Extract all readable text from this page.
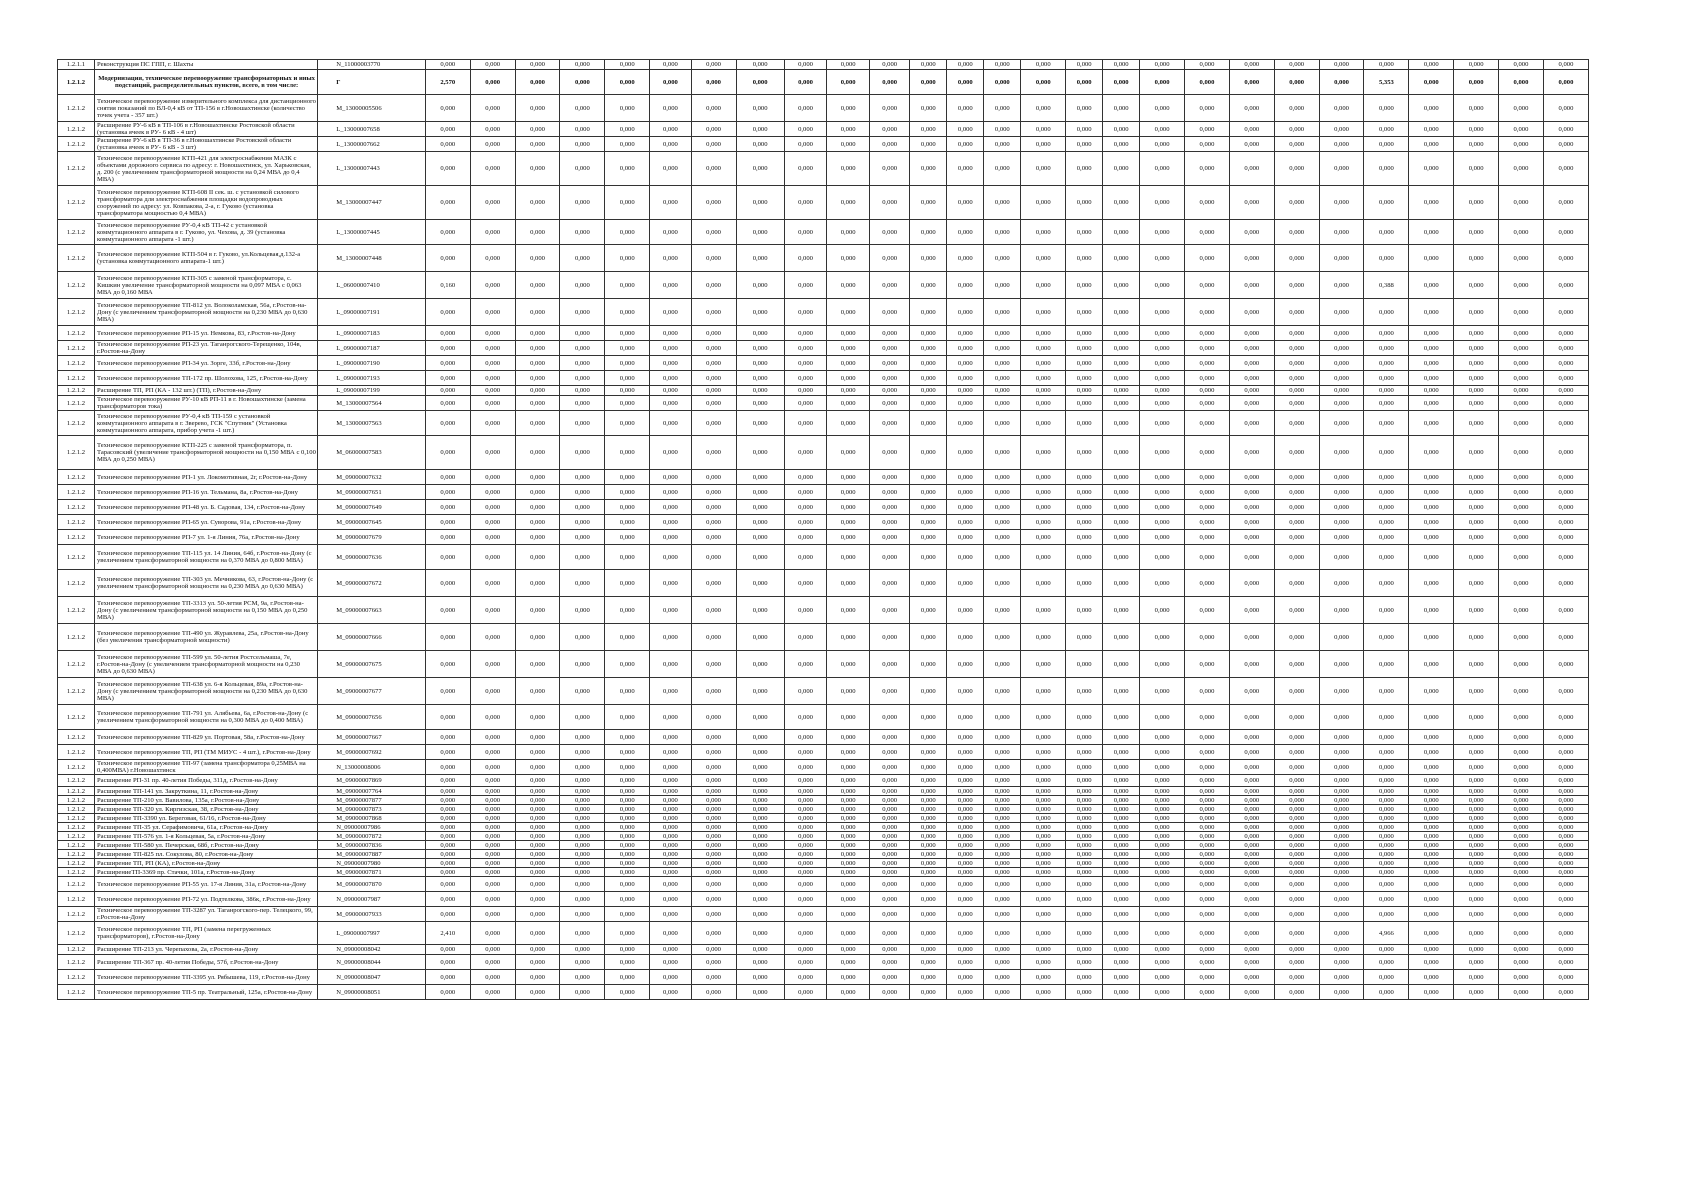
1.2.1.1	Реконструкция ПС ГПП, г. Шахты	N_11000003770	0,000	0,000	0,000	0,000	0,000	0,000	0,000	0,000	0,000	0,000	0,000	0,000	0,000	0,000	0,000	0,000	0,000	0,000	0,000	0,000	0,000	0,000	0,000	0,000	0,000	0,000	0,000
1.2.1.2	Модернизация, техническое перевооружение трансформаторных и иных подстанций, распределительных пунктов, всего, в том числе:	Г	2,570	0,000	0,000	0,000	0,000	0,000	0,000	0,000	0,000	0,000	0,000	0,000	0,000	0,000	0,000	0,000	0,000	0,000	0,000	0,000	0,000	0,000	5,353	0,000	0,000	0,000	0,000
1.2.1.2	Техническое перевооружение измерительного комплекса для дистанционного снятия показаний по ВЛ-0,4 кВ от ТП-156 в г.Новошахтинске (количество точек учета - 357 шт.)	M_13000005506	0,000	0,000	0,000	0,000	0,000	0,000	0,000	0,000	0,000	0,000	0,000	0,000	0,000	0,000	0,000	0,000	0,000	0,000	0,000	0,000	0,000	0,000	0,000	0,000	0,000	0,000	0,000
1.2.1.2	Расширение РУ-6 кВ в ТП-106 в г.Новошахтинске Ростовской области (установка ячеек в РУ- 6 кВ - 4 шт)	L_13000007658	0,000	0,000	0,000	0,000	0,000	0,000	0,000	0,000	0,000	0,000	0,000	0,000	0,000	0,000	0,000	0,000	0,000	0,000	0,000	0,000	0,000	0,000	0,000	0,000	0,000	0,000	0,000
1.2.1.2	Расширение РУ-6 кВ в ТП-36 в г.Новошахтинске Ростовской области (установка ячеек в РУ- 6 кВ - 3 шт)	L_13000007662	0,000	0,000	0,000	0,000	0,000	0,000	0,000	0,000	0,000	0,000	0,000	0,000	0,000	0,000	0,000	0,000	0,000	0,000	0,000	0,000	0,000	0,000	0,000	0,000	0,000	0,000	0,000
1.2.1.2	Техническое перевооружение КТП-421 для электроснабжения МАЗК с объектами дорожного сервиса по адресу: г. Новошахтинск, ул. Харьковская, д. 200 (с увеличением трансформаторной мощности на 0,24 МВА до 0,4 МВА)	L_13000007443	0,000	0,000	0,000	0,000	0,000	0,000	0,000	0,000	0,000	0,000	0,000	0,000	0,000	0,000	0,000	0,000	0,000	0,000	0,000	0,000	0,000	0,000	0,000	0,000	0,000	0,000	0,000
1.2.1.2	Техническое перевооружение КТП-608 II сек. ш. с установкой силового трансформатора для электроснабжения площадки водопроводных сооружений по адресу: ул. Ковпакова, 2-а, г. Гуково (установка трансформатора мощностью 0,4 МВА)	M_13000007447	0,000	0,000	0,000	0,000	0,000	0,000	0,000	0,000	0,000	0,000	0,000	0,000	0,000	0,000	0,000	0,000	0,000	0,000	0,000	0,000	0,000	0,000	0,000	0,000	0,000	0,000	0,000
1.2.1.2	Техническое перевооружение РУ-0,4 кВ ТП-42 с установкой коммутационного аппарата в г. Гуково, ул. Чехова, д. 39 (установка коммутационного аппарата -1 шт.)	L_13000007445	0,000	0,000	0,000	0,000	0,000	0,000	0,000	0,000	0,000	0,000	0,000	0,000	0,000	0,000	0,000	0,000	0,000	0,000	0,000	0,000	0,000	0,000	0,000	0,000	0,000	0,000	0,000
1.2.1.2	Техническое перевооружение КТП-504 в г. Гуково, ул.Кольцевая,д.132-а (установка коммутационного аппарата-1 шт.)	M_13000007448	0,000	0,000	0,000	0,000	0,000	0,000	0,000	0,000	0,000	0,000	0,000	0,000	0,000	0,000	0,000	0,000	0,000	0,000	0,000	0,000	0,000	0,000	0,000	0,000	0,000	0,000	0,000
1.2.1.2	Техническое перевооружение КТП-305 с заменой трансформатора, с. Кишкин увеличение трансформаторной мощности на 0,097 МВА с 0,063 МВА до 0,160 МВА	L_06000007410	0,160	0,000	0,000	0,000	0,000	0,000	0,000	0,000	0,000	0,000	0,000	0,000	0,000	0,000	0,000	0,000	0,000	0,000	0,000	0,000	0,000	0,000	0,388	0,000	0,000	0,000	0,000
1.2.1.2	Техническое перевооружение ТП-812 ул. Волоколамская, 56а, г.Ростов-на-Дону (с увеличением трансформаторной мощности на 0,230 МВА до 0,630 МВА)	L_09000007191	0,000	0,000	0,000	0,000	0,000	0,000	0,000	0,000	0,000	0,000	0,000	0,000	0,000	0,000	0,000	0,000	0,000	0,000	0,000	0,000	0,000	0,000	0,000	0,000	0,000	0,000	0,000
1.2.1.2	Техническое перевооружение РП-15 ул. Немкова, 83, г.Ростов-на-Дону	L_09000007183	0,000	0,000	0,000	0,000	0,000	0,000	0,000	0,000	0,000	0,000	0,000	0,000	0,000	0,000	0,000	0,000	0,000	0,000	0,000	0,000	0,000	0,000	0,000	0,000	0,000	0,000	0,000
1.2.1.2	Техническое перевооружение РП-23 ул. Таганрогского-Терещенко, 104в, г.Ростов-на-Дону	L_09000007187	0,000	0,000	0,000	0,000	0,000	0,000	0,000	0,000	0,000	0,000	0,000	0,000	0,000	0,000	0,000	0,000	0,000	0,000	0,000	0,000	0,000	0,000	0,000	0,000	0,000	0,000	0,000
1.2.1.2	Техническое перевооружение РП-34 ул. Зорге, 33б, г.Ростов-на-Дону	L_09000007190	0,000	0,000	0,000	0,000	0,000	0,000	0,000	0,000	0,000	0,000	0,000	0,000	0,000	0,000	0,000	0,000	0,000	0,000	0,000	0,000	0,000	0,000	0,000	0,000	0,000	0,000	0,000
1.2.1.2	Техническое перевооружение ТП-172 пр. Шолохова, 125, г.Ростов-на-Дону	L_09000007193	0,000	0,000	0,000	0,000	0,000	0,000	0,000	0,000	0,000	0,000	0,000	0,000	0,000	0,000	0,000	0,000	0,000	0,000	0,000	0,000	0,000	0,000	0,000	0,000	0,000	0,000	0,000
1.2.1.2	Расширение ТП, РП (КА - 132 шт.) (ТП), г.Ростов-на-Дону	L_09000007199	0,000	0,000	0,000	0,000	0,000	0,000	0,000	0,000	0,000	0,000	0,000	0,000	0,000	0,000	0,000	0,000	0,000	0,000	0,000	0,000	0,000	0,000	0,000	0,000	0,000	0,000	0,000
1.2.1.2	Техническое перевооружение РУ-10 кВ РП-11 в г. Новошахтинске (замена трансформаторов тока)	M_13000007564	0,000	0,000	0,000	0,000	0,000	0,000	0,000	0,000	0,000	0,000	0,000	0,000	0,000	0,000	0,000	0,000	0,000	0,000	0,000	0,000	0,000	0,000	0,000	0,000	0,000	0,000	0,000
1.2.1.2	Техническое перевооружение РУ-0,4 кВ ТП-159 с установкой коммутационного аппарата в г. Зверево, ГСК "Спутник" (Установка коммутационного аппарата, прибор учета -1 шт.)	M_13000007563	0,000	0,000	0,000	0,000	0,000	0,000	0,000	0,000	0,000	0,000	0,000	0,000	0,000	0,000	0,000	0,000	0,000	0,000	0,000	0,000	0,000	0,000	0,000	0,000	0,000	0,000	0,000
1.2.1.2	Техническое перевооружение КТП-225 с заменой трансформатора, п. Тарасовский (увеличение трансформаторной мощности на 0,150 МВА с 0,100 МВА до 0,250 МВА)	M_06000007583	0,000	0,000	0,000	0,000	0,000	0,000	0,000	0,000	0,000	0,000	0,000	0,000	0,000	0,000	0,000	0,000	0,000	0,000	0,000	0,000	0,000	0,000	0,000	0,000	0,000	0,000	0,000
1.2.1.2	Техническое перевооружение РП-1 ул. Локомотивная, 2г, г.Ростов-на-Дону	M_09000007632	0,000	0,000	0,000	0,000	0,000	0,000	0,000	0,000	0,000	0,000	0,000	0,000	0,000	0,000	0,000	0,000	0,000	0,000	0,000	0,000	0,000	0,000	0,000	0,000	0,000	0,000	0,000
1.2.1.2	Техническое перевооружение РП-16 ул. Тельмана, 8а, г.Ростов-на-Дону	M_09000007651	0,000	0,000	0,000	0,000	0,000	0,000	0,000	0,000	0,000	0,000	0,000	0,000	0,000	0,000	0,000	0,000	0,000	0,000	0,000	0,000	0,000	0,000	0,000	0,000	0,000	0,000	0,000
1.2.1.2	Техническое перевооружение РП-48 ул. Б. Садовая, 134, г.Ростов-на-Дону	M_09000007649	0,000	0,000	0,000	0,000	0,000	0,000	0,000	0,000	0,000	0,000	0,000	0,000	0,000	0,000	0,000	0,000	0,000	0,000	0,000	0,000	0,000	0,000	0,000	0,000	0,000	0,000	0,000
1.2.1.2	Техническое перевооружение РП-65 ул. Суворова, 91а, г.Ростов-на-Дону	M_09000007645	0,000	0,000	0,000	0,000	0,000	0,000	0,000	0,000	0,000	0,000	0,000	0,000	0,000	0,000	0,000	0,000	0,000	0,000	0,000	0,000	0,000	0,000	0,000	0,000	0,000	0,000	0,000
1.2.1.2	Техническое перевооружение РП-7 ул. 1-я Линия, 76а, г.Ростов-на-Дону	M_09000007679	0,000	0,000	0,000	0,000	0,000	0,000	0,000	0,000	0,000	0,000	0,000	0,000	0,000	0,000	0,000	0,000	0,000	0,000	0,000	0,000	0,000	0,000	0,000	0,000	0,000	0,000	0,000
1.2.1.2	Техническое перевооружение ТП-115 ул. 14 Линия, 64б, г.Ростов-на-Дону (с увеличением трансформаторной мощности на 0,370 МВА до 0,800 МВА)	M_09000007636	0,000	0,000	0,000	0,000	0,000	0,000	0,000	0,000	0,000	0,000	0,000	0,000	0,000	0,000	0,000	0,000	0,000	0,000	0,000	0,000	0,000	0,000	0,000	0,000	0,000	0,000	0,000
1.2.1.2	Техническое перевооружение ТП-303 ул. Мечникова, 63, г.Ростов-на-Дону (с увеличением трансформаторной мощности на 0,230 МВА до 0,630 МВА)	M_09000007672	0,000	0,000	0,000	0,000	0,000	0,000	0,000	0,000	0,000	0,000	0,000	0,000	0,000	0,000	0,000	0,000	0,000	0,000	0,000	0,000	0,000	0,000	0,000	0,000	0,000	0,000	0,000
1.2.1.2	Техническое перевооружение ТП-3313 ул. 50-летия РСМ, 9а, г.Ростов-на-Дону (с увеличением трансформаторной мощности на 0,150 МВА до 0,250 МВА)	M_09000007663	0,000	0,000	0,000	0,000	0,000	0,000	0,000	0,000	0,000	0,000	0,000	0,000	0,000	0,000	0,000	0,000	0,000	0,000	0,000	0,000	0,000	0,000	0,000	0,000	0,000	0,000	0,000
1.2.1.2	Техническое перевооружение ТП-490 ул. Журавлева, 25а, г.Ростов-на-Дону (без увеличения трансформаторной мощности)	M_09000007666	0,000	0,000	0,000	0,000	0,000	0,000	0,000	0,000	0,000	0,000	0,000	0,000	0,000	0,000	0,000	0,000	0,000	0,000	0,000	0,000	0,000	0,000	0,000	0,000	0,000	0,000	0,000
1.2.1.2	Техническое перевооружение ТП-599 ул. 50-летия Ростсельмаша, 7е, г.Ростов-на-Дону (с увеличением трансформаторной мощности на 0,230 МВА до 0,630 МВА)	M_09000007675	0,000	0,000	0,000	0,000	0,000	0,000	0,000	0,000	0,000	0,000	0,000	0,000	0,000	0,000	0,000	0,000	0,000	0,000	0,000	0,000	0,000	0,000	0,000	0,000	0,000	0,000	0,000
1.2.1.2	Техническое перевооружение ТП-638 ул. 6-я Кольцевая, 89а, г.Ростов-на-Дону (с увеличением трансформаторной мощности на 0,230 МВА до 0,630 МВА)	M_09000007677	0,000	0,000	0,000	0,000	0,000	0,000	0,000	0,000	0,000	0,000	0,000	0,000	0,000	0,000	0,000	0,000	0,000	0,000	0,000	0,000	0,000	0,000	0,000	0,000	0,000	0,000	0,000
1.2.1.2	Техническое перевооружение ТП-791 ул. Алябьева, 6а, г.Ростов-на-Дону (с увеличением трансформаторной мощности на 0,300 МВА до 0,400 МВА)	M_09000007656	0,000	0,000	0,000	0,000	0,000	0,000	0,000	0,000	0,000	0,000	0,000	0,000	0,000	0,000	0,000	0,000	0,000	0,000	0,000	0,000	0,000	0,000	0,000	0,000	0,000	0,000	0,000
1.2.1.2	Техническое перевооружение ТП-829 ул. Портовая, 58а, г.Ростов-на-Дону	M_09000007667	0,000	0,000	0,000	0,000	0,000	0,000	0,000	0,000	0,000	0,000	0,000	0,000	0,000	0,000	0,000	0,000	0,000	0,000	0,000	0,000	0,000	0,000	0,000	0,000	0,000	0,000	0,000
1.2.1.2	Техническое перевооружение ТП, РП (ТМ МИУС - 4 шт.), г.Ростов-на-Дону	M_09000007692	0,000	0,000	0,000	0,000	0,000	0,000	0,000	0,000	0,000	0,000	0,000	0,000	0,000	0,000	0,000	0,000	0,000	0,000	0,000	0,000	0,000	0,000	0,000	0,000	0,000	0,000	0,000
1.2.1.2	Техническое перевооружение ТП-97 (замена трансформатора 0,25МВА на 0,400МВА) г.Новошахтинск	N_13000008006	0,000	0,000	0,000	0,000	0,000	0,000	0,000	0,000	0,000	0,000	0,000	0,000	0,000	0,000	0,000	0,000	0,000	0,000	0,000	0,000	0,000	0,000	0,000	0,000	0,000	0,000	0,000
1.2.1.2	Расширение РП-31 пр. 40-летия Победы, 311д, г.Ростов-на-Дону	M_09000007869	0,000	0,000	0,000	0,000	0,000	0,000	0,000	0,000	0,000	0,000	0,000	0,000	0,000	0,000	0,000	0,000	0,000	0,000	0,000	0,000	0,000	0,000	0,000	0,000	0,000	0,000	0,000
1.2.1.2	Расширение ТП-141 ул. Закруткина, 11, г.Ростов-на-Дону	M_09000007764	0,000	0,000	0,000	0,000	0,000	0,000	0,000	0,000	0,000	0,000	0,000	0,000	0,000	0,000	0,000	0,000	0,000	0,000	0,000	0,000	0,000	0,000	0,000	0,000	0,000	0,000	0,000
1.2.1.2	Расширение ТП-210 ул. Вавилова, 135а, г.Ростов-на-Дону	M_09000007877	0,000	0,000	0,000	0,000	0,000	0,000	0,000	0,000	0,000	0,000	0,000	0,000	0,000	0,000	0,000	0,000	0,000	0,000	0,000	0,000	0,000	0,000	0,000	0,000	0,000	0,000	0,000
1.2.1.2	Расширение ТП-320 ул. Киргизская, 38, г.Ростов-на-Дону	M_09000007873	0,000	0,000	0,000	0,000	0,000	0,000	0,000	0,000	0,000	0,000	0,000	0,000	0,000	0,000	0,000	0,000	0,000	0,000	0,000	0,000	0,000	0,000	0,000	0,000	0,000	0,000	0,000
1.2.1.2	Расширение ТП-3390 ул. Береговая, 61/16, г.Ростов-на-Дону	M_09000007868	0,000	0,000	0,000	0,000	0,000	0,000	0,000	0,000	0,000	0,000	0,000	0,000	0,000	0,000	0,000	0,000	0,000	0,000	0,000	0,000	0,000	0,000	0,000	0,000	0,000	0,000	0,000
1.2.1.2	Расширение ТП-35 ул. Серафимовича, 61а, г.Ростов-на-Дону	N_09000007986	0,000	0,000	0,000	0,000	0,000	0,000	0,000	0,000	0,000	0,000	0,000	0,000	0,000	0,000	0,000	0,000	0,000	0,000	0,000	0,000	0,000	0,000	0,000	0,000	0,000	0,000	0,000
1.2.1.2	Расширение ТП-576 ул. 1-я Кольцевая, 5а, г.Ростов-на-Дону	M_09000007872	0,000	0,000	0,000	0,000	0,000	0,000	0,000	0,000	0,000	0,000	0,000	0,000	0,000	0,000	0,000	0,000	0,000	0,000	0,000	0,000	0,000	0,000	0,000	0,000	0,000	0,000	0,000
1.2.1.2	Расширение ТП-580 ул. Печерская, 68б, г.Ростов-на-Дону	M_09000007836	0,000	0,000	0,000	0,000	0,000	0,000	0,000	0,000	0,000	0,000	0,000	0,000	0,000	0,000	0,000	0,000	0,000	0,000	0,000	0,000	0,000	0,000	0,000	0,000	0,000	0,000	0,000
1.2.1.2	Расширение ТП-825 пл. Сокулова, 80, г.Ростов-на-Дону	M_09000007887	0,000	0,000	0,000	0,000	0,000	0,000	0,000	0,000	0,000	0,000	0,000	0,000	0,000	0,000	0,000	0,000	0,000	0,000	0,000	0,000	0,000	0,000	0,000	0,000	0,000	0,000	0,000
1.2.1.2	Расширение ТП, РП (КА), г.Ростов-на-Дону	N_09000007980	0,000	0,000	0,000	0,000	0,000	0,000	0,000	0,000	0,000	0,000	0,000	0,000	0,000	0,000	0,000	0,000	0,000	0,000	0,000	0,000	0,000	0,000	0,000	0,000	0,000	0,000	0,000
1.2.1.2	РасширениеТП-3369 пр. Стачки, 101а, г.Ростов-на-Дону	M_09000007871	0,000	0,000	0,000	0,000	0,000	0,000	0,000	0,000	0,000	0,000	0,000	0,000	0,000	0,000	0,000	0,000	0,000	0,000	0,000	0,000	0,000	0,000	0,000	0,000	0,000	0,000	0,000
1.2.1.2	Техническое перевооружение РП-55 ул. 17-я Линия, 31а, г.Ростов-на-Дону	M_09000007870	0,000	0,000	0,000	0,000	0,000	0,000	0,000	0,000	0,000	0,000	0,000	0,000	0,000	0,000	0,000	0,000	0,000	0,000	0,000	0,000	0,000	0,000	0,000	0,000	0,000	0,000	0,000
1.2.1.2	Техническое перевооружение РП-72 ул. Подтелкова, 386к, г.Ростов-на-Дону	N_09000007987	0,000	0,000	0,000	0,000	0,000	0,000	0,000	0,000	0,000	0,000	0,000	0,000	0,000	0,000	0,000	0,000	0,000	0,000	0,000	0,000	0,000	0,000	0,000	0,000	0,000	0,000	0,000
1.2.1.2	Техническое перевооружение ТП-3287 ул. Таганрогского-пер. Телецкого, 99, г.Ростов-на-Дону	M_09000007933	0,000	0,000	0,000	0,000	0,000	0,000	0,000	0,000	0,000	0,000	0,000	0,000	0,000	0,000	0,000	0,000	0,000	0,000	0,000	0,000	0,000	0,000	0,000	0,000	0,000	0,000	0,000
1.2.1.2	Техническое перевооружение ТП, РП (замена перегруженных трансформаторов), г.Ростов-на-Дону	L_09000007997	2,410	0,000	0,000	0,000	0,000	0,000	0,000	0,000	0,000	0,000	0,000	0,000	0,000	0,000	0,000	0,000	0,000	0,000	0,000	0,000	0,000	0,000	4,966	0,000	0,000	0,000	0,000
1.2.1.2	Расширение ТП-213 ул. Черепахова, 2а, г.Ростов-на-Дону	N_09000008042	0,000	0,000	0,000	0,000	0,000	0,000	0,000	0,000	0,000	0,000	0,000	0,000	0,000	0,000	0,000	0,000	0,000	0,000	0,000	0,000	0,000	0,000	0,000	0,000	0,000	0,000	0,000
1.2.1.2	Расширение ТП-367 пр. 40-летия Победы, 57б, г.Ростов-на-Дону	N_09000008044	0,000	0,000	0,000	0,000	0,000	0,000	0,000	0,000	0,000	0,000	0,000	0,000	0,000	0,000	0,000	0,000	0,000	0,000	0,000	0,000	0,000	0,000	0,000	0,000	0,000	0,000	0,000
1.2.1.2	Техническое перевооружение ТП-3395 ул. Рябышева, 119, г.Ростов-на-Дону	N_09000008047	0,000	0,000	0,000	0,000	0,000	0,000	0,000	0,000	0,000	0,000	0,000	0,000	0,000	0,000	0,000	0,000	0,000	0,000	0,000	0,000	0,000	0,000	0,000	0,000	0,000	0,000	0,000
1.2.1.2	Техническое перевооружение ТП-5 пр. Театральный, 125а, г.Ростов-на-Дону	N_09000008051	0,000	0,000	0,000	0,000	0,000	0,000	0,000	0,000	0,000	0,000	0,000	0,000	0,000	0,000	0,000	0,000	0,000	0,000	0,000	0,000	0,000	0,000	0,000	0,000	0,000	0,000	0,000
